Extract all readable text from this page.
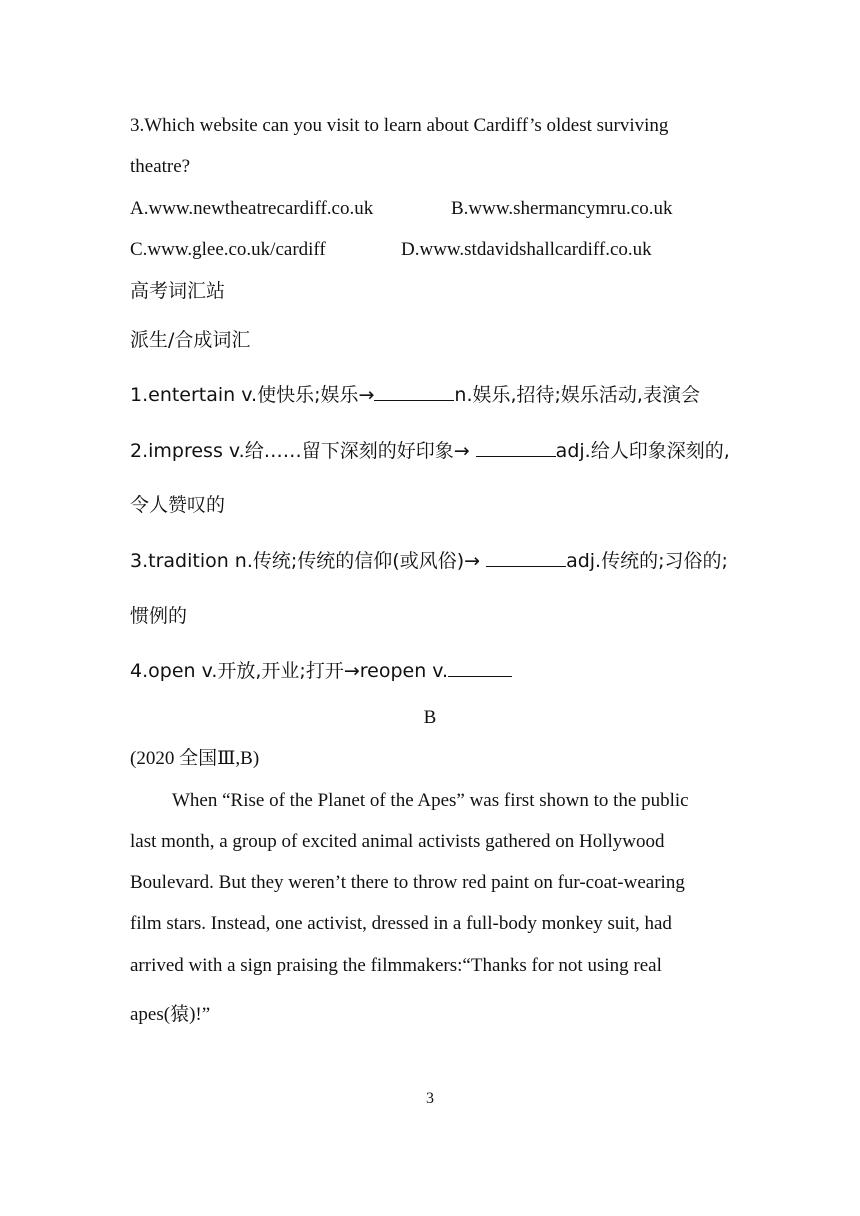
3.Which website can you visit to learn about Cardiff’s oldest surviving
theatre?
A.www.newtheatrecardiff.co.uk	B.www.shermancymru.co.uk
C.www.glee.co.uk/cardiff	D.www.stdavidshallcardiff.co.uk
高考词汇站
派生/合成词汇
1.entertain v.使快乐;娱乐→	n.娱乐,招待;娱乐活动,表演会
2.impress v.给……留下深刻的好印象→	adj.给人印象深刻的,
令人赞叹的
3.tradition n.传统;传统的信仰(或风俗)→	adj.传统的;习俗的;
惯例的
4.open v.开放,开业;打开→reopen v.
B
(2020 全国Ⅲ,B)
When “Rise of the Planet of the Apes” was first shown to the public
last month, a group of excited animal activists gathered on Hollywood
Boulevard. But they weren’t there to throw red paint on fur-coat-wearing
film stars. Instead, one activist, dressed in a full-body monkey suit, had
arrived with a sign praising the filmmakers:“Thanks for not using real
apes(猿)!”
3
